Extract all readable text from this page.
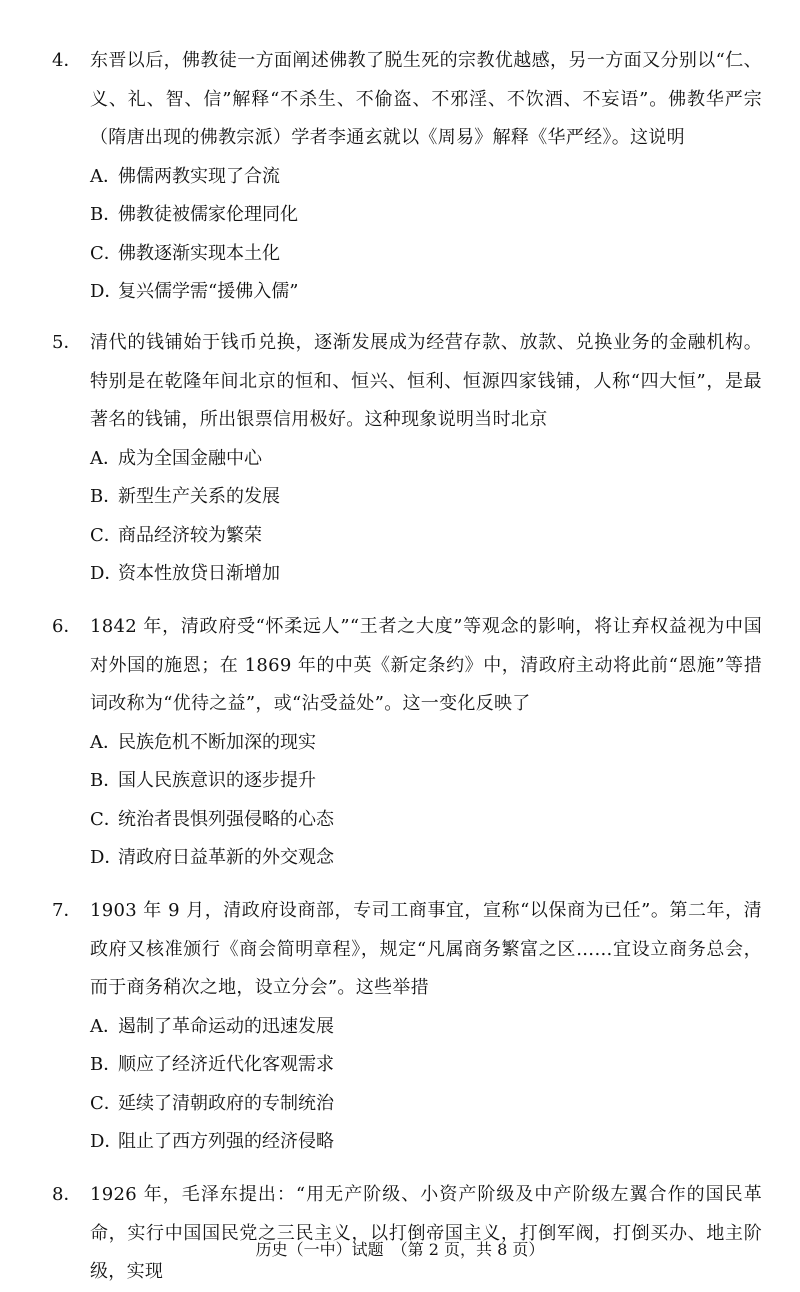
4． 东晋以后，佛教徒一方面阐述佛教了脱生死的宗教优越感，另一方面又分别以“仁、义、礼、智、信”解释“不杀生、不偷盗、不邪淫、不饮酒、不妄语”。佛教华严宗（隋唐出现的佛教宗派）学者李通玄就以《周易》解释《华严经》。这说明
A．佛儒两教实现了合流
B．佛教徒被儒家伦理同化
C．佛教逐渐实现本土化
D．复兴儒学需“援佛入儒”
5． 清代的钱铺始于钱币兑换，逐渐发展成为经营存款、放款、兑换业务的金融机构。特别是在乾隆年间北京的恒和、恒兴、恒利、恒源四家钱铺，人称“四大恒”，是最著名的钱铺，所出银票信用极好。这种现象说明当时北京
A．成为全国金融中心
B．新型生产关系的发展
C．商品经济较为繁荣
D．资本性放贷日渐增加
6． 1842 年，清政府受“怀柔远人”“王者之大度”等观念的影响，将让弃权益视为中国对外国的施恩；在 1869 年的中英《新定条约》中，清政府主动将此前“恩施”等措词改称为“优待之益”，或“沾受益处”。这一变化反映了
A．民族危机不断加深的现实
B．国人民族意识的逐步提升
C．统治者畏惧列强侵略的心态
D．清政府日益革新的外交观念
7． 1903 年 9 月，清政府设商部，专司工商事宜，宣称“以保商为已任”。第二年，清政府又核准颁行《商会简明章程》，规定“凡属商务繁富之区……宜设立商务总会，而于商务稍次之地，设立分会”。这些举措
A．遏制了革命运动的迅速发展
B．顺应了经济近代化客观需求
C．延续了清朝政府的专制统治
D．阻止了西方列强的经济侵略
8． 1926 年，毛泽东提出：“用无产阶级、小资产阶级及中产阶级左翼合作的国民革命，实行中国国民党之三民主义，以打倒帝国主义，打倒军阀，打倒买办、地主阶级，实现
历史（一中）试题　（第 2 页，共 8 页）
